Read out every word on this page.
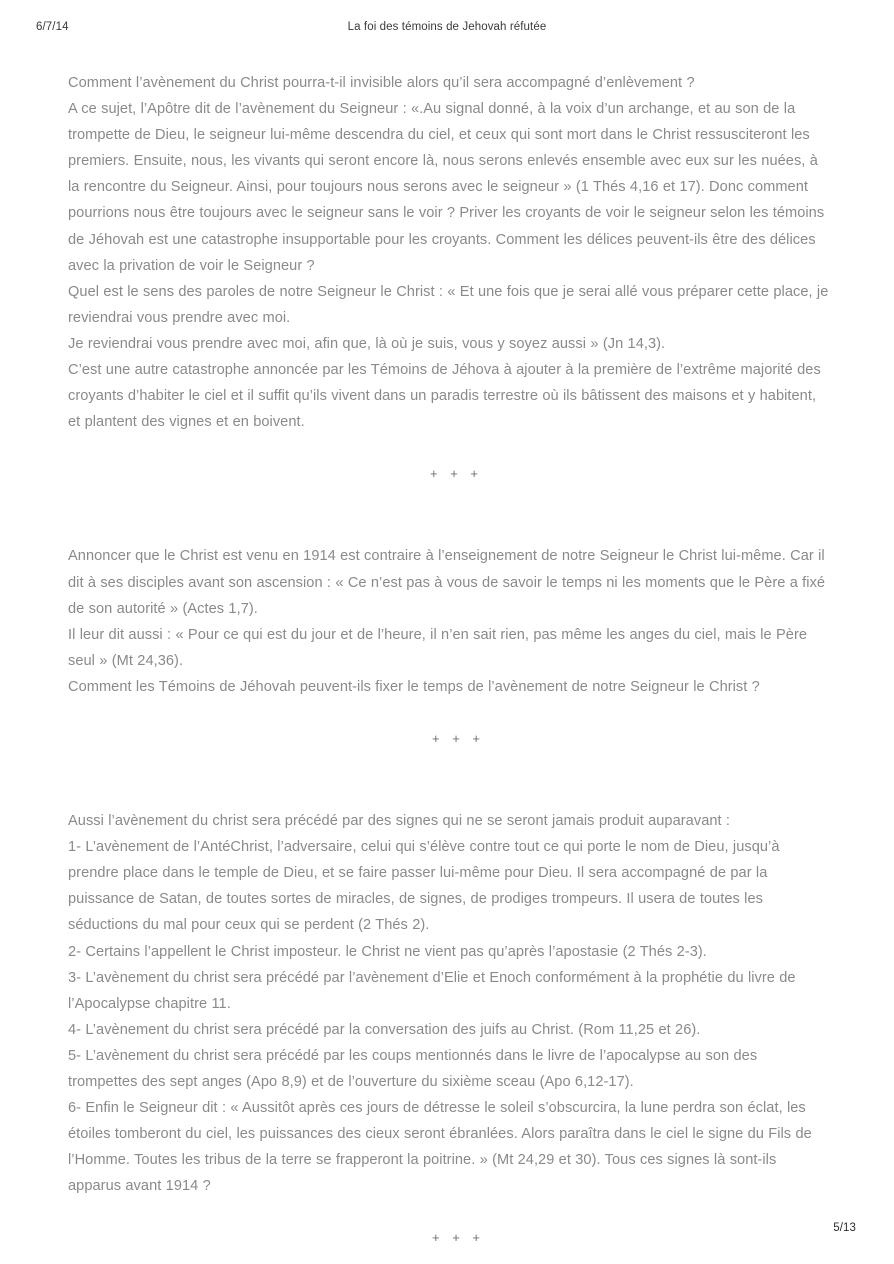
6/7/14	La foi des témoins de Jehovah réfutée

Comment l’avènement du Christ pourra-t-il invisible alors qu’il sera accompagné d’enlèvement ?

A ce sujet, l’Apôtre dit de l’avènement du Seigneur : «.Au signal donné, à la voix d’un archange, et au son de la trompette de Dieu, le seigneur lui-même descendra du ciel, et ceux qui sont mort dans le Christ ressusciteront les premiers. Ensuite, nous, les vivants qui seront encore là, nous serons enlevés ensemble avec eux sur les nuées, à la rencontre du Seigneur. Ainsi, pour toujours nous serons avec le seigneur » (1 Thés 4,16 et 17). Donc comment pourrions nous être toujours avec le seigneur sans le voir ? Priver les croyants de voir le seigneur selon les témoins de Jéhovah est une catastrophe insupportable pour les croyants. Comment les délices peuvent-ils être des délices avec la privation de voir le Seigneur ?

Quel est le sens des paroles de notre Seigneur le Christ : « Et une fois que je serai allé vous préparer cette place, je reviendrai vous prendre avec moi.

Je reviendrai vous prendre avec moi, afin que, là où je suis, vous y soyez aussi » (Jn 14,3).

C’est une autre catastrophe annoncée par les Témoins de Jéhova à ajouter à la première de l’extrême majorité des croyants d’habiter le ciel et il suffit qu’ils vivent dans un paradis terrestre où ils bâtissent des maisons et y habitent, et plantent des vignes et en boivent.

+ + +

Annoncer que le Christ est venu en 1914 est contraire à l’enseignement de notre Seigneur le Christ lui-même. Car il dit à ses disciples avant son ascension : « Ce n’est pas à vous de savoir le temps ni les moments que le Père a fixé de son autorité » (Actes 1,7).

Il leur dit aussi : « Pour ce qui est du jour et de l’heure, il n’en sait rien, pas même les anges du ciel, mais le Père seul » (Mt 24,36).

Comment les Témoins de Jéhovah peuvent-ils fixer le temps de l’avènement de notre Seigneur le Christ ?

+ + +

Aussi l’avènement du christ sera précédé par des signes qui ne se seront jamais produit auparavant :

1- L’avènement de l’AntéChrist, l’adversaire, celui qui s’élève contre tout ce qui porte le nom de Dieu, jusqu’à prendre place dans le temple de Dieu, et se faire passer lui-même pour Dieu. Il sera accompagné de par la puissance de Satan, de toutes sortes de miracles, de signes, de prodiges trompeurs. Il usera de toutes les séductions du mal pour ceux qui se perdent (2 Thés 2).

2- Certains l’appellent le Christ imposteur. le Christ ne vient pas qu’après l’apostasie (2 Thés 2-3).

3- L’avènement du christ sera précédé par l’avènement d’Elie et Enoch conformément à la prophétie du livre de l’Apocalypse chapitre 11.

4- L’avènement du christ sera précédé par la conversation des juifs au Christ. (Rom 11,25 et 26).

5- L’avènement du christ sera précédé par les coups mentionnés dans le livre de l’apocalypse au son des trompettes des sept anges (Apo 8,9) et de l’ouverture du sixième sceau (Apo 6,12-17).

6- Enfin le Seigneur dit : « Aussitôt après ces jours de détresse le soleil s’obscurcira, la lune perdra son éclat, les étoiles tomberont du ciel, les puissances des cieux seront ébranlées. Alors paraîtra dans le ciel le signe du Fils de l’Homme. Toutes les tribus de la terre se frapperont la poitrine. » (Mt 24,29 et 30). Tous ces signes là sont-ils apparus avant 1914 ?

+ + +
5/13
